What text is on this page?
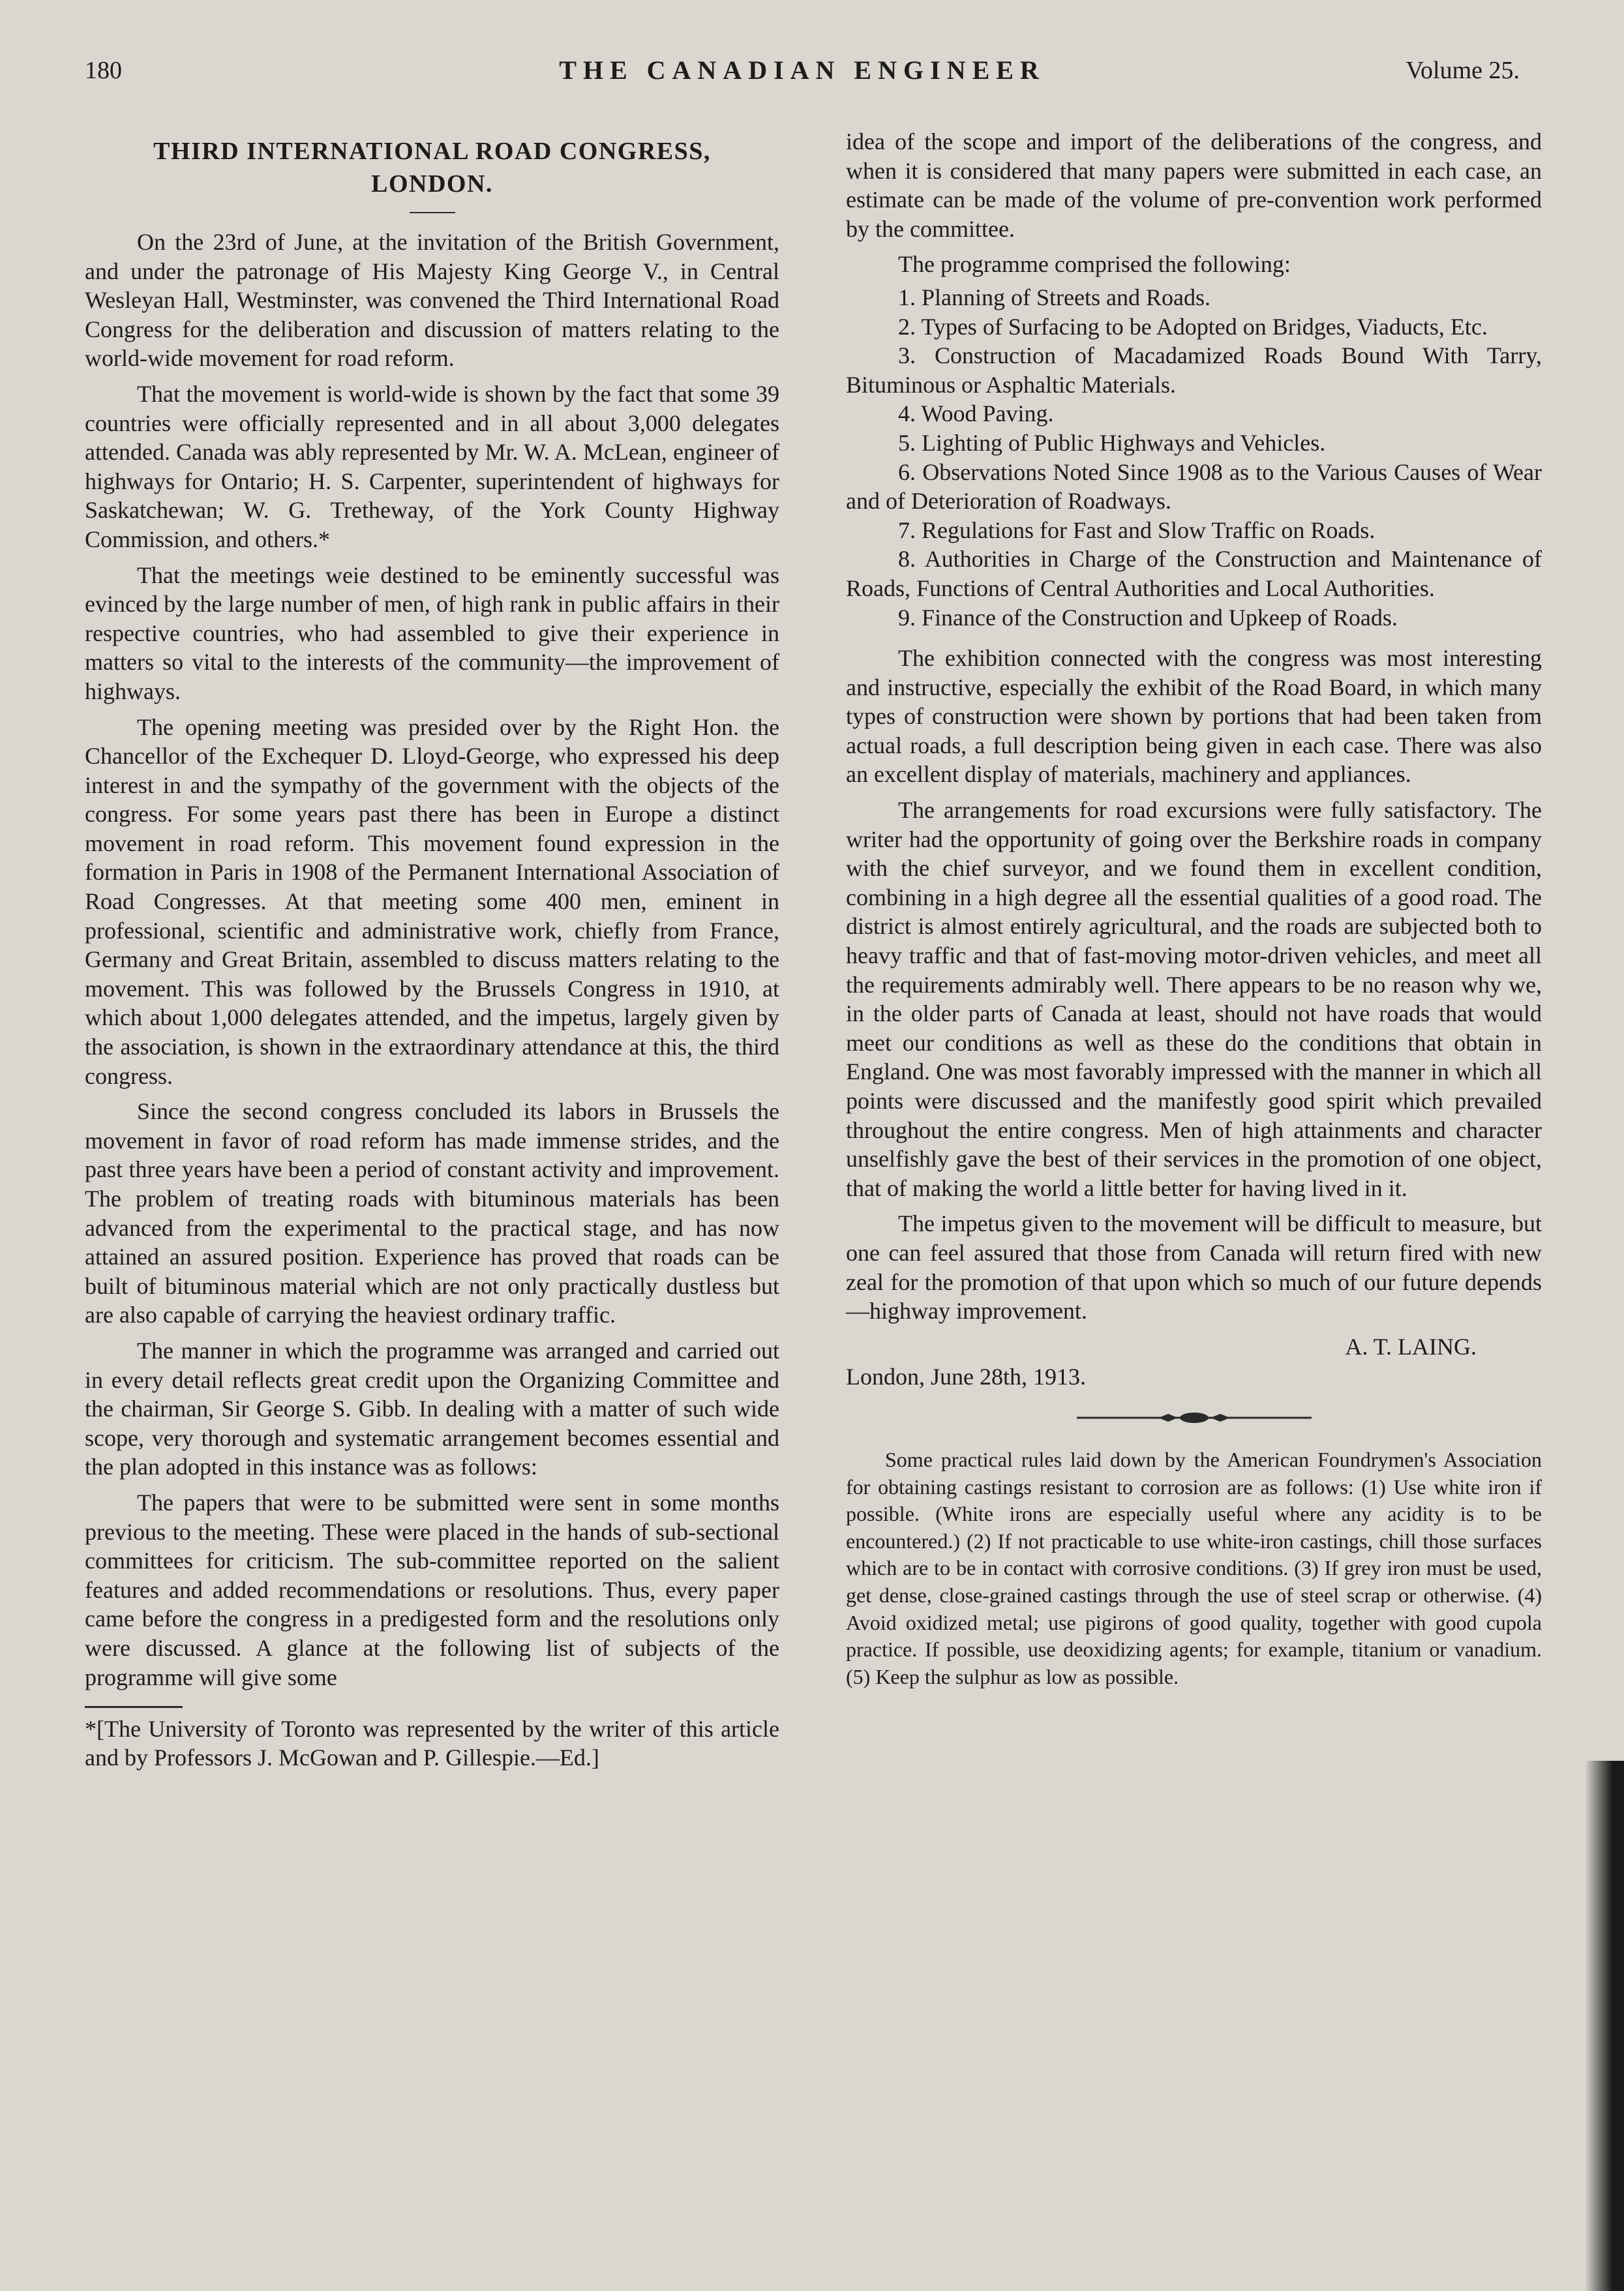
180	THE CANADIAN ENGINEER	Volume 25.
THIRD INTERNATIONAL ROAD CONGRESS,
LONDON.

On the 23rd of June, at the invitation of the British Government, and under the patronage of His Majesty King George V., in Central Wesleyan Hall, Westminster, was convened the Third International Road Congress for the deliberation and discussion of matters relating to the world-wide movement for road reform.

That the movement is world-wide is shown by the fact that some 39 countries were officially represented and in all about 3,000 delegates attended. Canada was ably represented by Mr. W. A. McLean, engineer of highways for Ontario; H. S. Carpenter, superintendent of highways for Saskatchewan; W. G. Tretheway, of the York County Highway Commission, and others.*

That the meetings weie destined to be eminently successful was evinced by the large number of men, of high rank in public affairs in their respective countries, who had assembled to give their experience in matters so vital to the interests of the community—the improvement of highways.

The opening meeting was presided over by the Right Hon. the Chancellor of the Exchequer D. Lloyd-George, who expressed his deep interest in and the sympathy of the government with the objects of the congress. For some years past there has been in Europe a distinct movement in road reform. This movement found expression in the formation in Paris in 1908 of the Permanent International Association of Road Congresses. At that meeting some 400 men, eminent in professional, scientific and administrative work, chiefly from France, Germany and Great Britain, assembled to discuss matters relating to the movement. This was followed by the Brussels Congress in 1910, at which about 1,000 delegates attended, and the impetus, largely given by the association, is shown in the extraordinary attendance at this, the third congress.

Since the second congress concluded its labors in Brussels the movement in favor of road reform has made immense strides, and the past three years have been a period of constant activity and improvement. The problem of treating roads with bituminous materials has been advanced from the experimental to the practical stage, and has now attained an assured position. Experience has proved that roads can be built of bituminous material which are not only practically dustless but are also capable of carrying the heaviest ordinary traffic.

The manner in which the programme was arranged and carried out in every detail reflects great credit upon the Organizing Committee and the chairman, Sir George S. Gibb. In dealing with a matter of such wide scope, very thorough and systematic arrangement becomes essential and the plan adopted in this instance was as follows:

The papers that were to be submitted were sent in some months previous to the meeting. These were placed in the hands of sub-sectional committees for criticism. The sub-committee reported on the salient features and added recommendations or resolutions. Thus, every paper came before the congress in a predigested form and the resolutions only were discussed. A glance at the following list of subjects of the programme will give some

*[The University of Toronto was represented by the writer of this article and by Professors J. McGowan and P. Gillespie.—Ed.]

idea of the scope and import of the deliberations of the congress, and when it is considered that many papers were submitted in each case, an estimate can be made of the volume of pre-convention work performed by the committee.

The programme comprised the following:

1. Planning of Streets and Roads.
2. Types of Surfacing to be Adopted on Bridges, Viaducts, Etc.
3. Construction of Macadamized Roads Bound With Tarry, Bituminous or Asphaltic Materials.
4. Wood Paving.
5. Lighting of Public Highways and Vehicles.
6. Observations Noted Since 1908 as to the Various Causes of Wear and of Deterioration of Roadways.
7. Regulations for Fast and Slow Traffic on Roads.
8. Authorities in Charge of the Construction and Maintenance of Roads, Functions of Central Authorities and Local Authorities.
9. Finance of the Construction and Upkeep of Roads.

The exhibition connected with the congress was most interesting and instructive, especially the exhibit of the Road Board, in which many types of construction were shown by portions that had been taken from actual roads, a full description being given in each case. There was also an excellent display of materials, machinery and appliances.

The arrangements for road excursions were fully satisfactory. The writer had the opportunity of going over the Berkshire roads in company with the chief surveyor, and we found them in excellent condition, combining in a high degree all the essential qualities of a good road. The district is almost entirely agricultural, and the roads are subjected both to heavy traffic and that of fast-moving motor-driven vehicles, and meet all the requirements admirably well. There appears to be no reason why we, in the older parts of Canada at least, should not have roads that would meet our conditions as well as these do the conditions that obtain in England. One was most favorably impressed with the manner in which all points were discussed and the manifestly good spirit which prevailed throughout the entire congress. Men of high attainments and character unselfishly gave the best of their services in the promotion of one object, that of making the world a little better for having lived in it.

The impetus given to the movement will be difficult to measure, but one can feel assured that those from Canada will return fired with new zeal for the promotion of that upon which so much of our future depends—highway improvement.

A. T. LAING.
London, June 28th, 1913.

Some practical rules laid down by the American Foundrymen's Association for obtaining castings resistant to corrosion are as follows: (1) Use white iron if possible. (White irons are especially useful where any acidity is to be encountered.) (2) If not practicable to use white-iron castings, chill those surfaces which are to be in contact with corrosive conditions. (3) If grey iron must be used, get dense, close-grained castings through the use of steel scrap or otherwise. (4) Avoid oxidized metal; use pigirons of good quality, together with good cupola practice. If possible, use deoxidizing agents; for example, titanium or vanadium. (5) Keep the sulphur as low as possible.
